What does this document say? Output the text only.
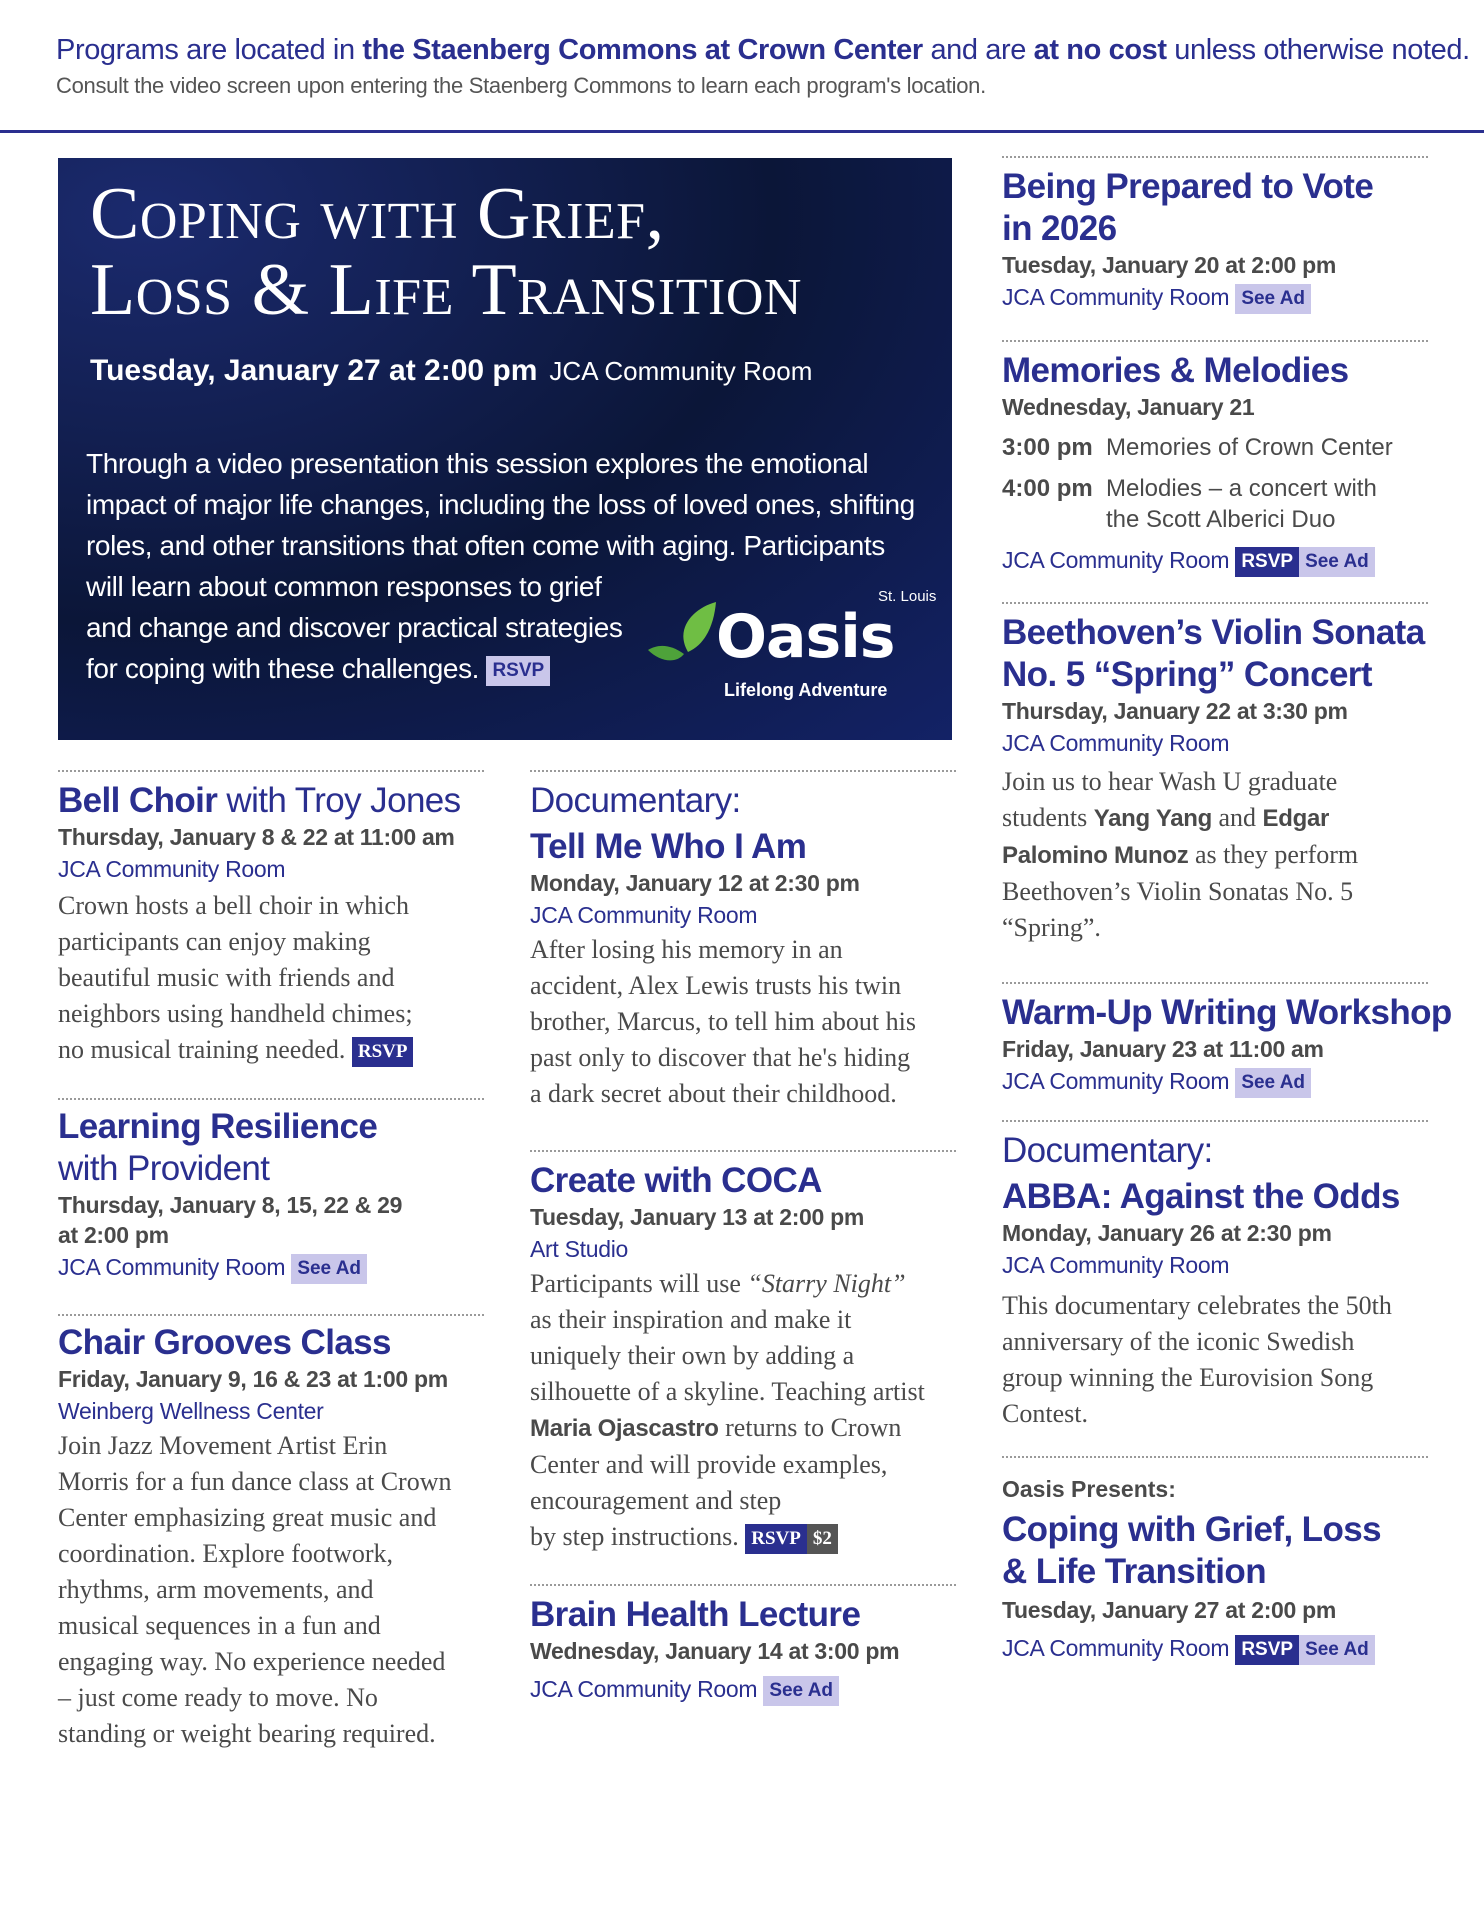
Programs are located in the Staenberg Commons at Crown Center and are at no cost unless otherwise noted.
Consult the video screen upon entering the Staenberg Commons to learn each program's location.
Coping with Grief,
Loss & Life Transition
Tuesday, January 27 at 2:00 pm JCA Community Room
Through a video presentation this session explores the emotional
impact of major life changes, including the loss of loved ones, shifting
roles, and other transitions that often come with aging. Participants
will learn about common responses to grief
and change and discover practical strategies
for coping with these challenges. RSVP
St. Louis
Oasis
Lifelong Adventure
Bell Choir with Troy Jones
Thursday, January 8 & 22 at 11:00 am
JCA Community Room
Crown hosts a bell choir in which
participants can enjoy making
beautiful music with friends and
neighbors using handheld chimes;
no musical training needed. RSVP
Learning Resilience
with Provident
Thursday, January 8, 15, 22 & 29
at 2:00 pm
JCA Community Room See Ad
Chair Grooves Class
Friday, January 9, 16 & 23 at 1:00 pm
Weinberg Wellness Center
Join Jazz Movement Artist Erin
Morris for a fun dance class at Crown
Center emphasizing great music and
coordination. Explore footwork,
rhythms, arm movements, and
musical sequences in a fun and
engaging way. No experience needed
– just come ready to move. No
standing or weight bearing required.
Documentary:
Tell Me Who I Am
Monday, January 12 at 2:30 pm
JCA Community Room
After losing his memory in an
accident, Alex Lewis trusts his twin
brother, Marcus, to tell him about his
past only to discover that he's hiding
a dark secret about their childhood.
Create with COCA
Tuesday, January 13 at 2:00 pm
Art Studio
Participants will use “Starry Night”
as their inspiration and make it
uniquely their own by adding a
silhouette of a skyline. Teaching artist
Maria Ojascastro returns to Crown
Center and will provide examples,
encouragement and step
by step instructions. RSVP $2
Brain Health Lecture
Wednesday, January 14 at 3:00 pm
JCA Community Room See Ad
Being Prepared to Vote
in 2026
Tuesday, January 20 at 2:00 pm
JCA Community Room See Ad
Memories & Melodies
Wednesday, January 21
3:00 pm Memories of Crown Center
4:00 pm Melodies – a concert with
the Scott Alberici Duo
JCA Community Room RSVP See Ad
Beethoven’s Violin Sonata
No. 5 “Spring” Concert
Thursday, January 22 at 3:30 pm
JCA Community Room
Join us to hear Wash U graduate
students Yang Yang and Edgar
Palomino Munoz as they perform
Beethoven’s Violin Sonatas No. 5
“Spring”.
Warm-Up Writing Workshop
Friday, January 23 at 11:00 am
JCA Community Room See Ad
Documentary:
ABBA: Against the Odds
Monday, January 26 at 2:30 pm
JCA Community Room
This documentary celebrates the 50th
anniversary of the iconic Swedish
group winning the Eurovision Song
Contest.
Oasis Presents:
Coping with Grief, Loss
& Life Transition
Tuesday, January 27 at 2:00 pm
JCA Community Room RSVP See Ad
